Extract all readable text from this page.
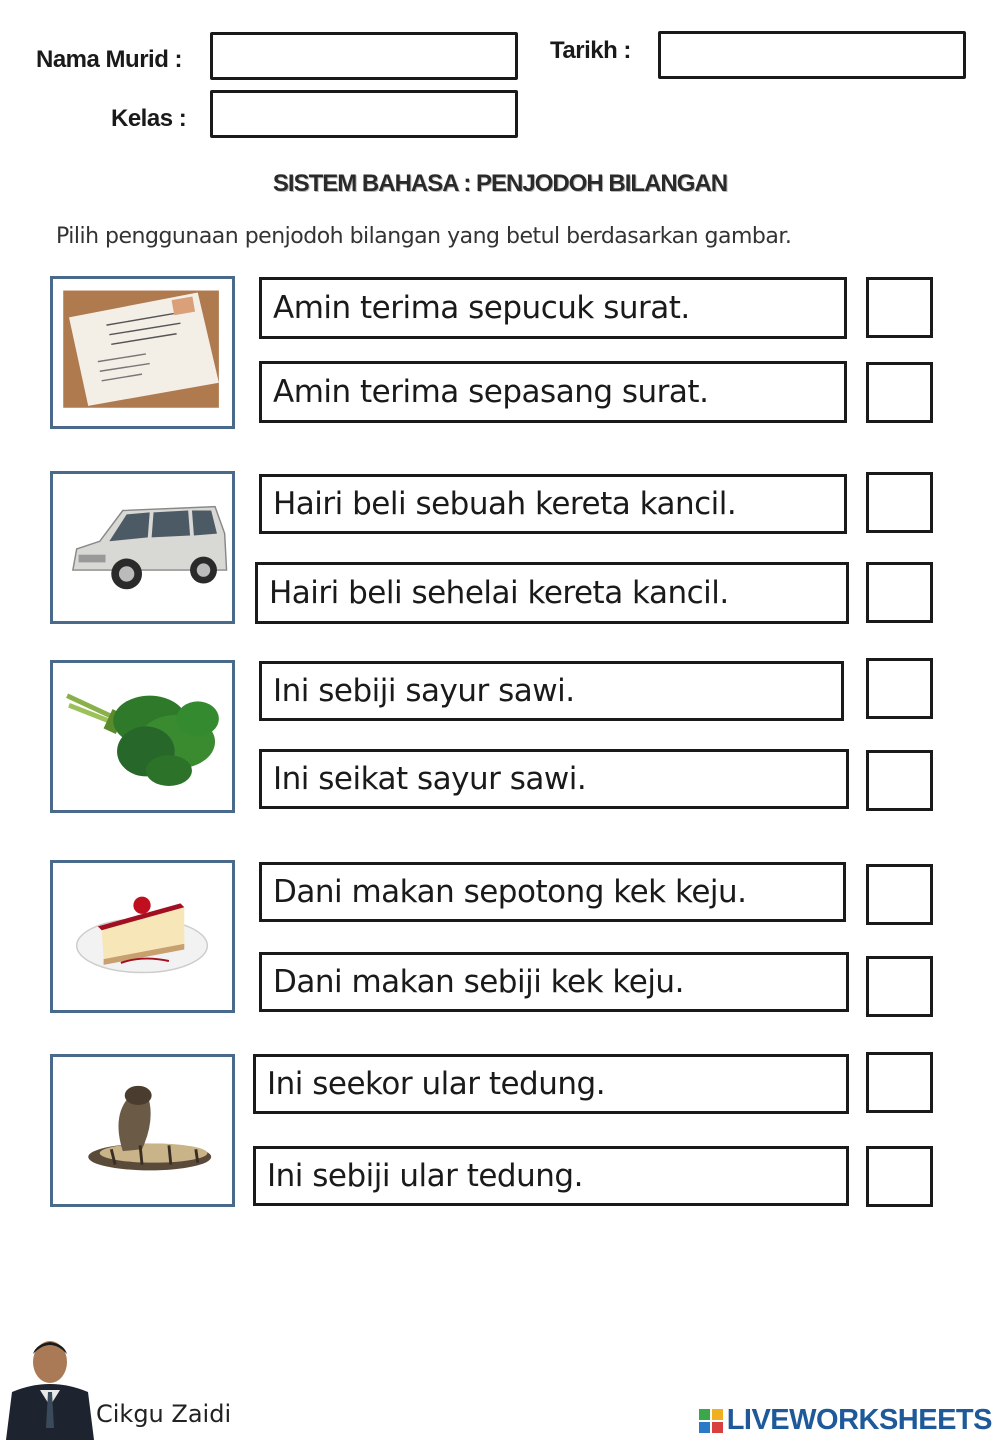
Nama Murid :	Tarikh :
Kelas :
SISTEM BAHASA : PENJODOH BILANGAN
Pilih penggunaan penjodoh bilangan yang betul berdasarkan gambar.
Amin terima sepucuk surat.
Amin terima sepasang surat.
Hairi beli sebuah kereta kancil.
Hairi beli sehelai kereta kancil.
Ini sebiji sayur sawi.
Ini seikat sayur sawi.
Dani makan sepotong kek keju.
Dani makan sebiji kek keju.
Ini seekor ular tedung.
Ini sebiji ular tedung.
Cikgu Zaidi	LIVEWORKSHEETS
